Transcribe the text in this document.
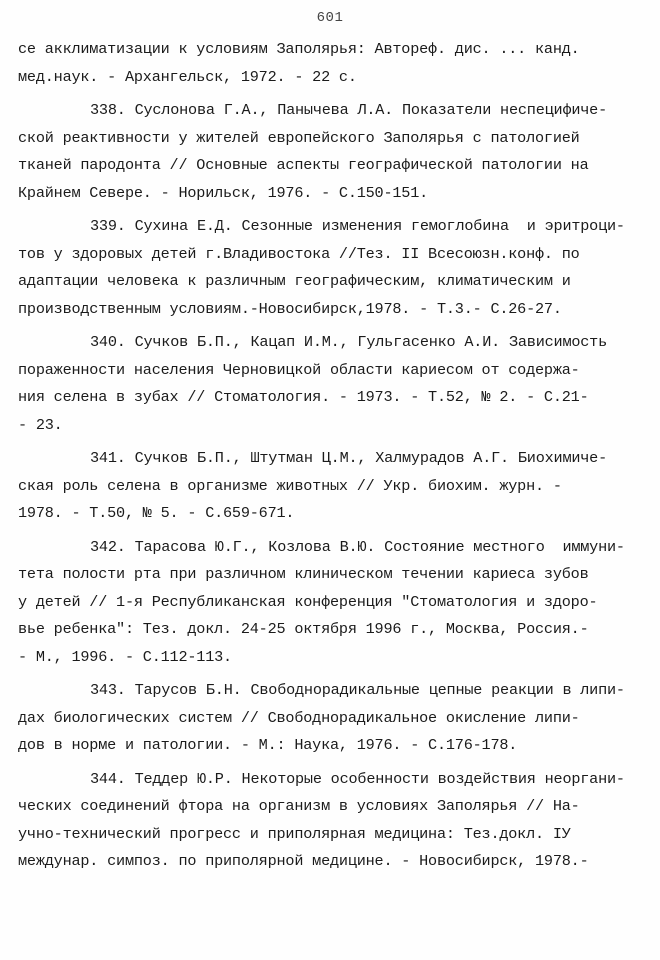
601
се акклиматизации к условиям Заполярья: Автореф. дис. ... канд.
мед.наук. - Архангельск, 1972. - 22 с.
338. Суслонова Г.А., Панычева Л.А. Показатели неспецифиче-
ской реактивности у жителей европейского Заполярья с патологией
тканей пародонта // Основные аспекты географической патологии на
Крайнем Севере. - Норильск, 1976. - С.150-151.
339. Сухина Е.Д. Сезонные изменения гемоглобина  и эритроци-
тов у здоровых детей г.Владивостока //Тез. II Всесоюзн.конф. по
адаптации человека к различным географическим, климатическим и
производственным условиям.-Новосибирск,1978. - Т.3.- С.26-27.
340. Сучков Б.П., Кацап И.М., Гульгасенко А.И. Зависимость
пораженности населения Черновицкой области кариесом от содержа-
ния селена в зубах // Стоматология. - 1973. - Т.52, № 2. - С.21-
- 23.
341. Сучков Б.П., Штутман Ц.М., Халмурадов А.Г. Биохимиче-
ская роль селена в организме животных // Укр. биохим. журн. -
1978. - Т.50, № 5. - С.659-671.
342. Тарасова Ю.Г., Козлова В.Ю. Состояние местного  иммуни-
тета полости рта при различном клиническом течении кариеса зубов
у детей // 1-я Республиканская конференция "Стоматология и здоро-
вье ребенка": Тез. докл. 24-25 октября 1996 г., Москва, Россия.-
- М., 1996. - С.112-113.
343. Тарусов Б.Н. Свободнорадикальные цепные реакции в липи-
дах биологических систем // Свободнорадикальное окисление липи-
дов в норме и патологии. - М.: Наука, 1976. - С.176-178.
344. Теддер Ю.Р. Некоторые особенности воздействия неоргани-
ческих соединений фтора на организм в условиях Заполярья // На-
учно-технический прогресс и приполярная медицина: Тез.докл. IУ
междунар. симпоз. по приполярной медицине. - Новосибирск, 1978.-
